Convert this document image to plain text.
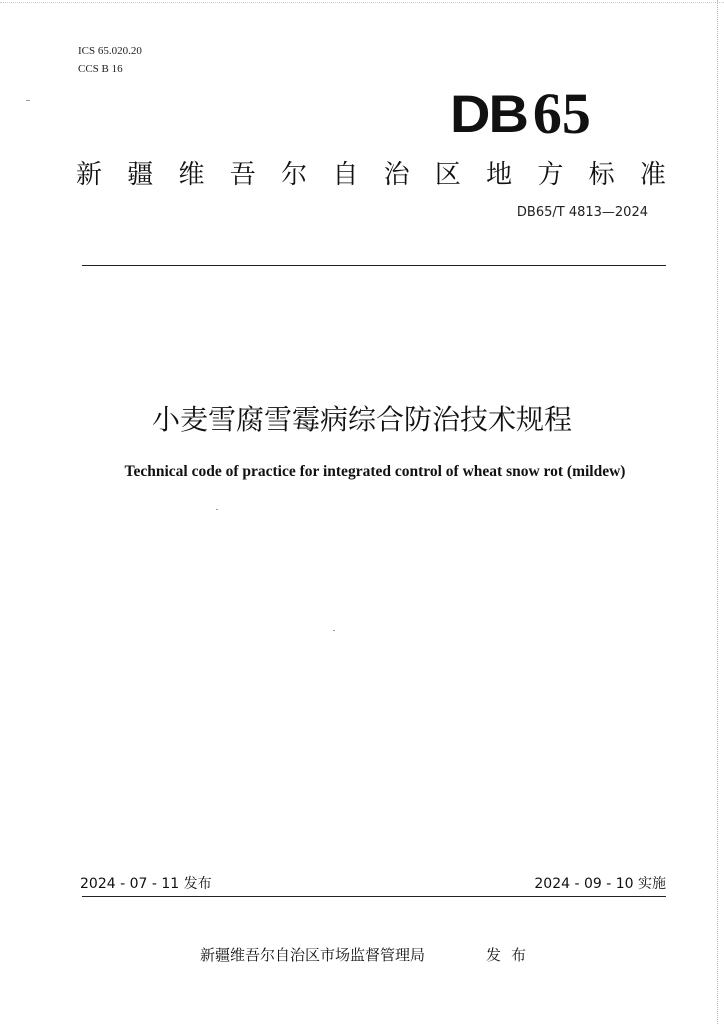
ICS 65.020.20
CCS B 16
DB 65
新 疆 维 吾 尔 自 治 区 地 方 标 准
DB65/T 4813—2024
小麦雪腐雪霉病综合防治技术规程
Technical code of practice for integrated control of wheat snow rot (mildew)
2024 - 07 - 11 发布	2024 - 09 - 10 实施
新疆维吾尔自治区市场监督管理局	发布
